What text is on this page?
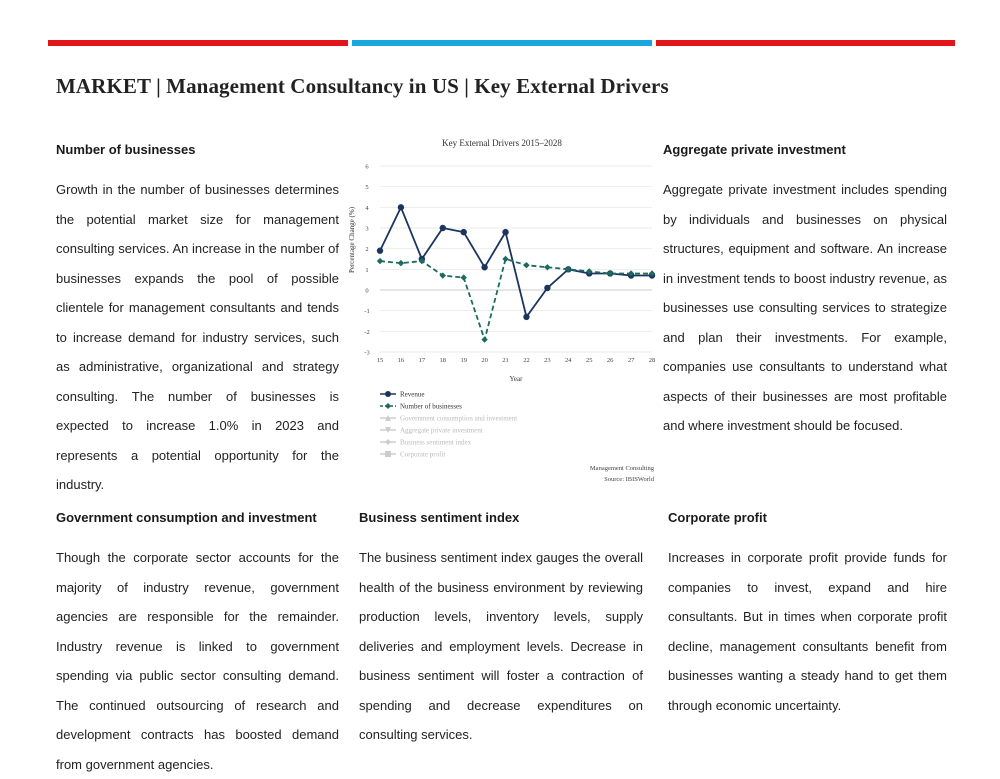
MARKET | Management Consultancy in US | Key External Drivers
Number of businesses

Growth in the number of businesses determines the potential market size for management consulting services. An increase in the number of businesses expands the pool of possible clientele for management consultants and tends to increase demand for industry services, such as administrative, organizational and strategy consulting. The number of businesses is expected to increase 1.0% in 2023 and represents a potential opportunity for the industry.

Aggregate private investment

Aggregate private investment includes spending by individuals and businesses on physical structures, equipment and software. An increase in investment tends to boost industry revenue, as businesses use consulting services to strategize and plan their investments. For example, companies use consultants to understand what aspects of their businesses are most profitable and where investment should be focused.

Government consumption and investment

Though the corporate sector accounts for the majority of industry revenue, government agencies are responsible for the remainder. Industry revenue is linked to government spending via public sector consulting demand. The continued outsourcing of research and development contracts has boosted demand from government agencies.

Business sentiment index

The business sentiment index gauges the overall health of the business environment by reviewing production levels, inventory levels, supply deliveries and employment levels. Decrease in business sentiment will foster a contraction of spending and decrease expenditures on consulting services.

Corporate profit

Increases in corporate profit provide funds for companies to invest, expand and hire consultants. But in times when corporate profit decline, management consultants benefit from businesses wanting a steady hand to get them through economic uncertainty.

Key External Drivers 2015–2028
Percentage Change (%)
Year
-3
-2
-1
0
1
2
3
4
5
6
15 16 17 18 19 20 21 22 23 24 25 26 27 28
Revenue
Number of businesses
Government consumption and investment
Aggregate private investment
Business sentiment index
Corporate profit
Management Consulting
Source: IBISWorld
